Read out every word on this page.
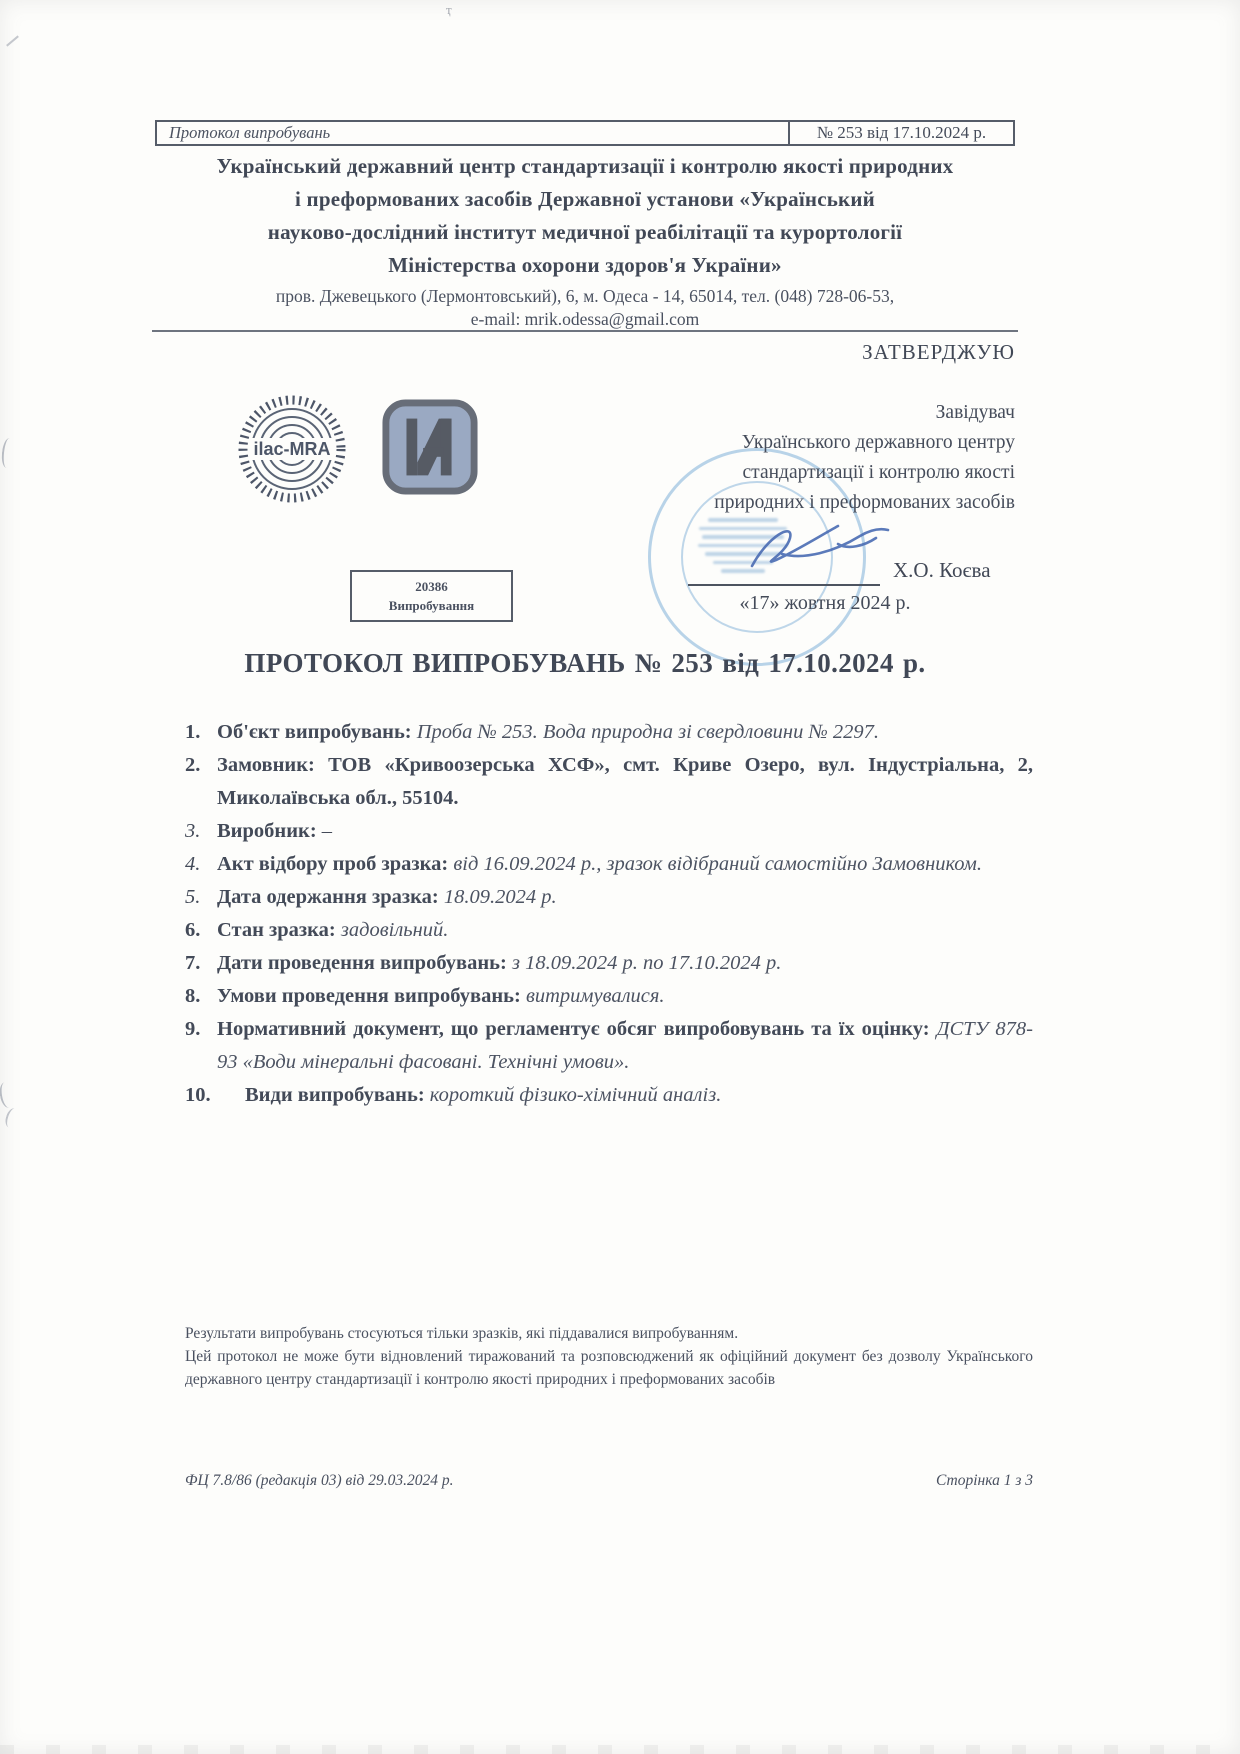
Протокол випробувань	№ 253 від 17.10.2024 р.
Український державний центр стандартизації і контролю якості природних
і преформованих засобів Державної установи «Український
науково-дослідний інститут медичної реабілітації та курортології
Міністерства охорони здоров'я України»
пров. Джевецького (Лермонтовський), 6, м. Одеса - 14, 65014, тел. (048) 728-06-53,
e-mail: mrik.odessa@gmail.com
ЗАТВЕРДЖУЮ
Завідувач
Українського державного центру
стандартизації і контролю якості
природних і преформованих засобів
Х.О. Коєва
«17» жовтня 2024 р.
ilac-MRA
20386
Випробування
ПРОТОКОЛ ВИПРОБУВАНЬ № 253 від 17.10.2024 р.
1. Об'єкт випробувань: Проба № 253. Вода природна зі свердловини № 2297.
2. Замовник: ТОВ «Кривоозерська ХСФ», смт. Криве Озеро, вул. Індустріальна, 2, Миколаївська обл., 55104.
3. Виробник: –
4. Акт відбору проб зразка: від 16.09.2024 р., зразок відібраний самостійно Замовником.
5. Дата одержання зразка: 18.09.2024 р.
6. Стан зразка: задовільний.
7. Дати проведення випробувань: з 18.09.2024 р. по 17.10.2024 р.
8. Умови проведення випробувань: витримувалися.
9. Нормативний документ, що регламентує обсяг випробовувань та їх оцінку: ДСТУ 878-93 «Води мінеральні фасовані. Технічні умови».
10. Види випробувань: короткий фізико-хімічний аналіз.
Результати випробувань стосуються тільки зразків, які піддавалися випробуванням.
Цей протокол не може бути відновлений тиражований та розповсюджений як офіційний документ без дозволу Українського державного центру стандартизації і контролю якості природних і преформованих засобів
ФЦ 7.8/86 (редакція 03) від 29.03.2024 р.	Сторінка 1 з 3
ҭ
